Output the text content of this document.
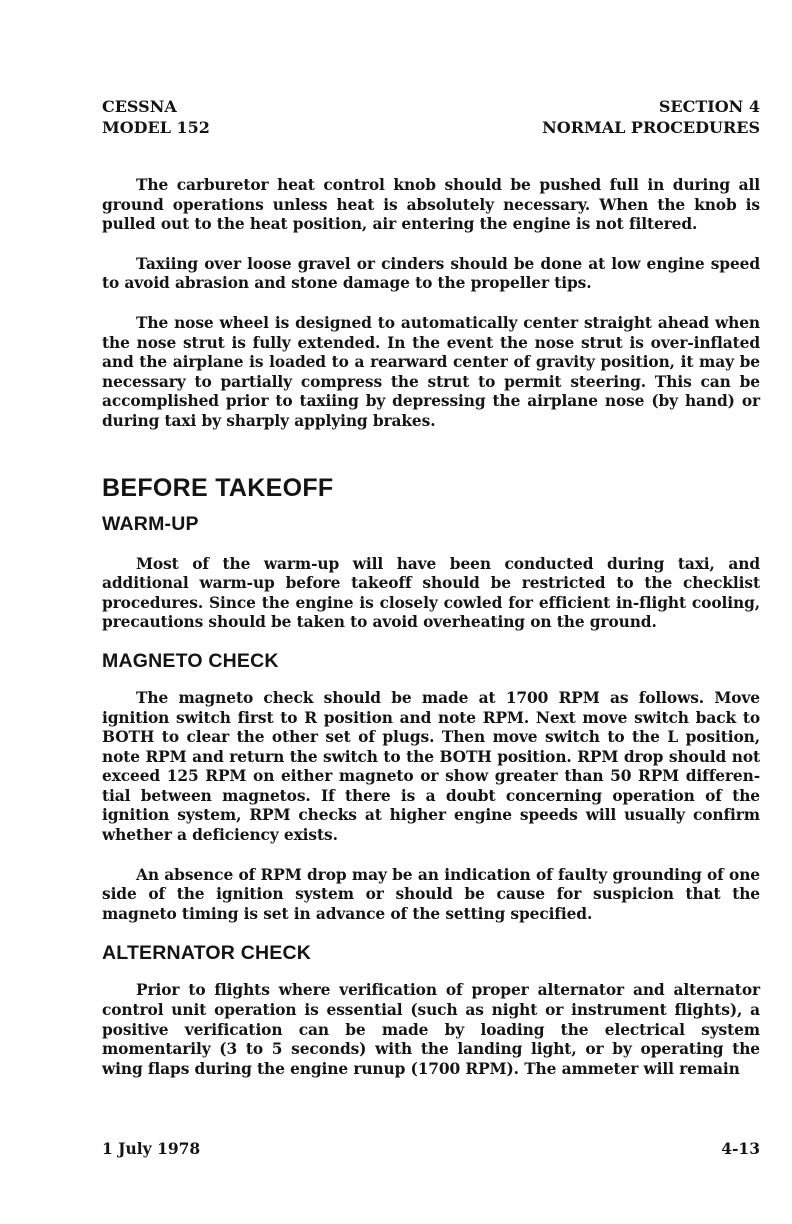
CESSNA
MODEL 152
SECTION 4
NORMAL PROCEDURES

The carburetor heat control knob should be pushed full in during all ground operations unless heat is absolutely necessary. When the knob is pulled out to the heat position, air entering the engine is not filtered.

Taxiing over loose gravel or cinders should be done at low engine speed to avoid abrasion and stone damage to the propeller tips.

The nose wheel is designed to automatically center straight ahead when the nose strut is fully extended. In the event the nose strut is over-inflated and the airplane is loaded to a rearward center of gravity position, it may be necessary to partially compress the strut to permit steering. This can be accomplished prior to taxiing by depressing the airplane nose (by hand) or during taxi by sharply applying brakes.

BEFORE TAKEOFF
WARM-UP

Most of the warm-up will have been conducted during taxi, and additional warm-up before takeoff should be restricted to the checklist procedures. Since the engine is closely cowled for efficient in-flight cooling, precautions should be taken to avoid overheating on the ground.

MAGNETO CHECK

The magneto check should be made at 1700 RPM as follows. Move ignition switch first to R position and note RPM. Next move switch back to BOTH to clear the other set of plugs. Then move switch to the L position, note RPM and return the switch to the BOTH position. RPM drop should not exceed 125 RPM on either magneto or show greater than 50 RPM differen-tial between magnetos. If there is a doubt concerning operation of the ignition system, RPM checks at higher engine speeds will usually confirm whether a deficiency exists.

An absence of RPM drop may be an indication of faulty grounding of one side of the ignition system or should be cause for suspicion that the magneto timing is set in advance of the setting specified.

ALTERNATOR CHECK

Prior to flights where verification of proper alternator and alternator control unit operation is essential (such as night or instrument flights), a positive verification can be made by loading the electrical system momentarily (3 to 5 seconds) with the landing light, or by operating the wing flaps during the engine runup (1700 RPM). The ammeter will remain

1 July 1978	4-13
